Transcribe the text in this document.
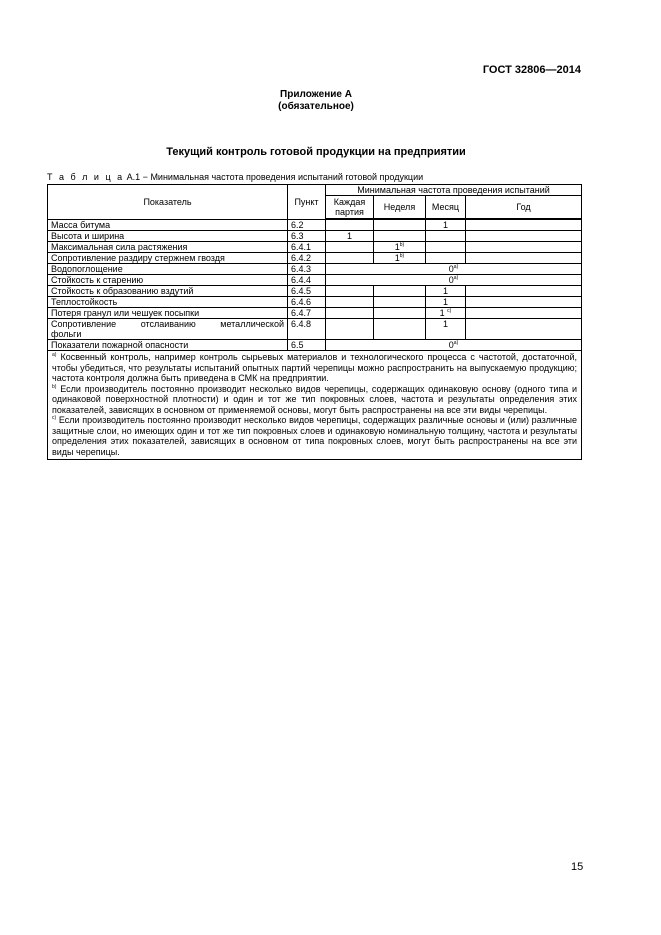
ГОСТ 32806—2014
Приложение А
(обязательное)
Текущий контроль готовой продукции на предприятии
Т а б л и ц а А.1 − Минимальная частота проведения испытаний готовой продукции
Показатель	Пункт	Минимальная частота проведения испытаний			
		Каждая партия	Неделя	Месяц	Год
Масса битума	6.2			1	
Высота и ширина	6.3	1			
Максимальная сила растяжения	6.4.1		1$^{b)}$		
Сопротивление раздиру стержнем гвоздя	6.4.2		1$^{b)}$		
Водопоглощение	6.4.3	0$^{a)}$
Стойкость к старению	6.4.4	0$^{a)}$
Стойкость к образованию вздутий	6.4.5			1	
Теплостойкость	6.4.6			1	
Потеря гранул или чешуек посыпки	6.4.7			1 $^{c)}$	

Сопротивление отслаиванию металлической
фольги	6.4.8			1	
Показатели пожарной опасности	6.5	0$^{a)}$

$^{a)}$ Косвенный контроль, например контроль сырьевых материалов и технологического процесса с частотой, достаточной, чтобы убедиться, что результаты испытаний опытных партий черепицы можно распространить на выпускаемую продукцию; частота контроля должна быть приведена в СМК на предприятии.

$^{b)}$ Если производитель постоянно производит несколько видов черепицы, содержащих одинаковую основу (одного типа и одинаковой поверхностной плотности) и один и тот же тип покровных слоев, частота и результаты определения этих показателей, зависящих в основном от применяемой основы, могут быть распространены на все эти виды черепицы.

$^{c)}$ Если производитель постоянно производит несколько видов черепицы, содержащих различные основы и (или) различные защитные слои, но имеющих один и тот же тип покровных слоев и одинаковую номинальную толщину, частота и результаты определения этих показателей, зависящих в основном от типа покровных слоев, могут быть распространены на все эти виды черепицы.					

15
